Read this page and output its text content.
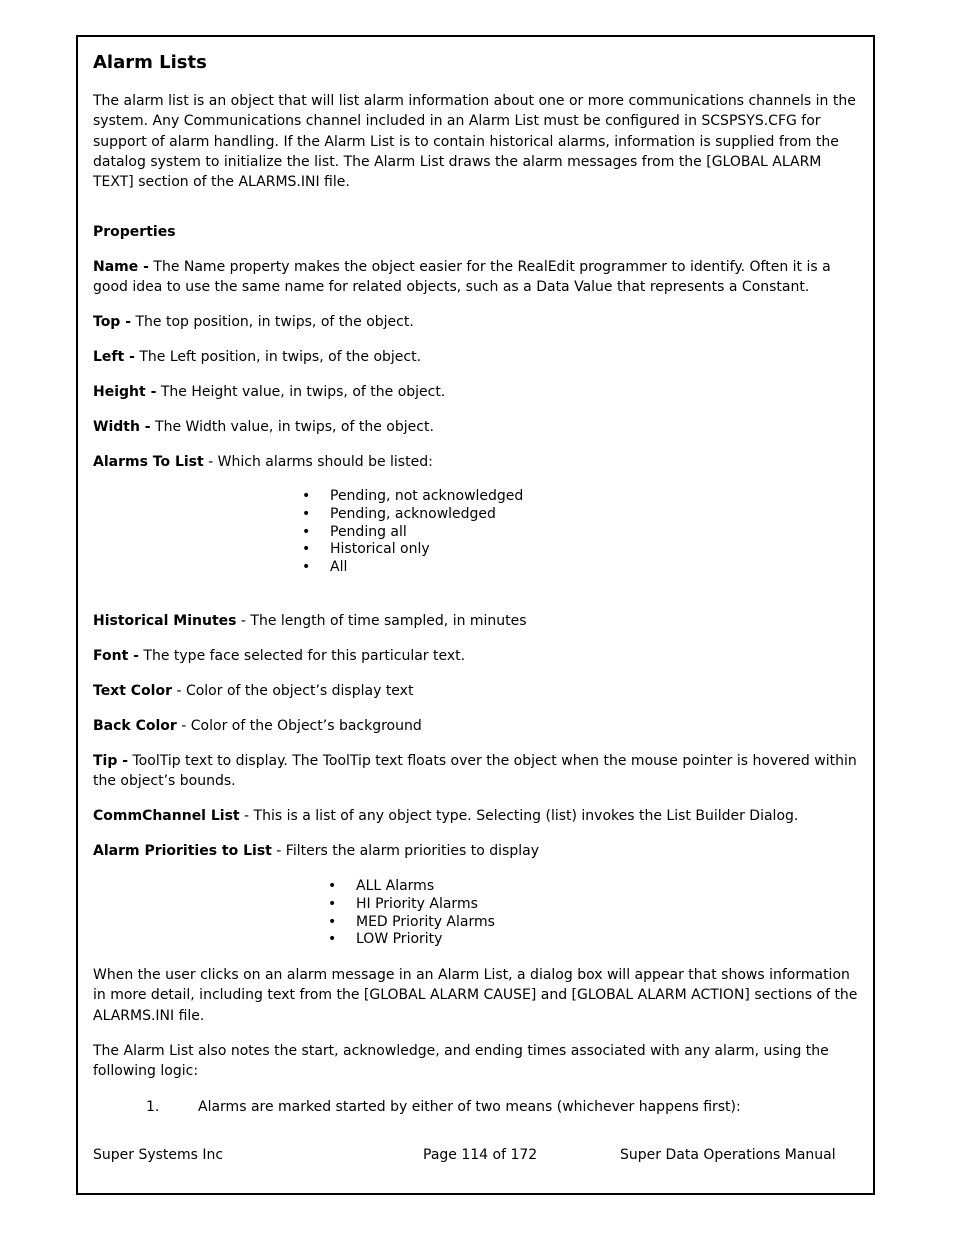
Alarm Lists

The alarm list is an object that will list alarm information about one or more communications channels in the system. Any Communications channel included in an Alarm List must be configured in SCSPSYS.CFG for support of alarm handling. If the Alarm List is to contain historical alarms, information is supplied from the datalog system to initialize the list. The Alarm List draws the alarm messages from the [GLOBAL ALARM TEXT] section of the ALARMS.INI file.

Properties

Name - The Name property makes the object easier for the RealEdit programmer to identify. Often it is a good idea to use the same name for related objects, such as a Data Value that represents a Constant.

Top - The top position, in twips, of the object.

Left - The Left position, in twips, of the object.

Height - The Height value, in twips, of the object.

Width - The Width value, in twips, of the object.

Alarms To List - Which alarms should be listed:

• Pending, not acknowledged
• Pending, acknowledged
• Pending all
• Historical only
• All

Historical Minutes - The length of time sampled, in minutes

Font - The type face selected for this particular text.

Text Color - Color of the object’s display text

Back Color - Color of the Object’s background

Tip - ToolTip text to display. The ToolTip text floats over the object when the mouse pointer is hovered within the object’s bounds.

CommChannel List - This is a list of any object type. Selecting (list) invokes the List Builder Dialog.

Alarm Priorities to List - Filters the alarm priorities to display

• ALL Alarms
• HI Priority Alarms
• MED Priority Alarms
• LOW Priority

When the user clicks on an alarm message in an Alarm List, a dialog box will appear that shows information in more detail, including text from the [GLOBAL ALARM CAUSE] and [GLOBAL ALARM ACTION] sections of the ALARMS.INI file.

The Alarm List also notes the start, acknowledge, and ending times associated with any alarm, using the following logic:

1.	Alarms are marked started by either of two means (whichever happens first):
Super Systems Inc	Page 114 of 172	Super Data Operations Manual
